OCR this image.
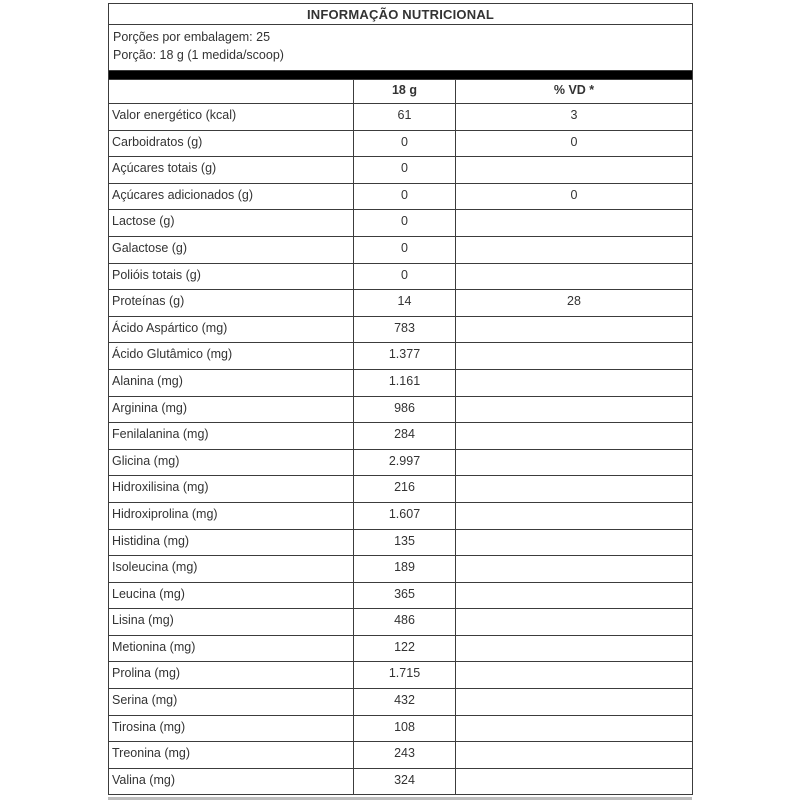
INFORMAÇÃO NUTRICIONAL		

Porções por embalagem: 25
Porção: 18 g (1 medida/scoop)		

	18 g	% VD *
Valor energético (kcal)	61	3
Carboidratos (g)	0	0
Açúcares totais (g)	0	
Açúcares adicionados (g)	0	0
Lactose (g)	0	
Galactose (g)	0	
Polióis totais (g)	0	
Proteínas (g)	14	28
Ácido Aspártico (mg)	783	
Ácido Glutâmico (mg)	1.377	
Alanina (mg)	1.161	
Arginina (mg)	986	
Fenilalanina (mg)	284	
Glicina (mg)	2.997	
Hidroxilisina (mg)	216	
Hidroxiprolina (mg)	1.607	
Histidina (mg)	135	
Isoleucina (mg)	189	
Leucina (mg)	365	
Lisina (mg)	486	
Metionina (mg)	122	
Prolina (mg)	1.715	
Serina (mg)	432	
Tirosina (mg)	108	
Treonina (mg)	243	
Valina (mg)	324	
